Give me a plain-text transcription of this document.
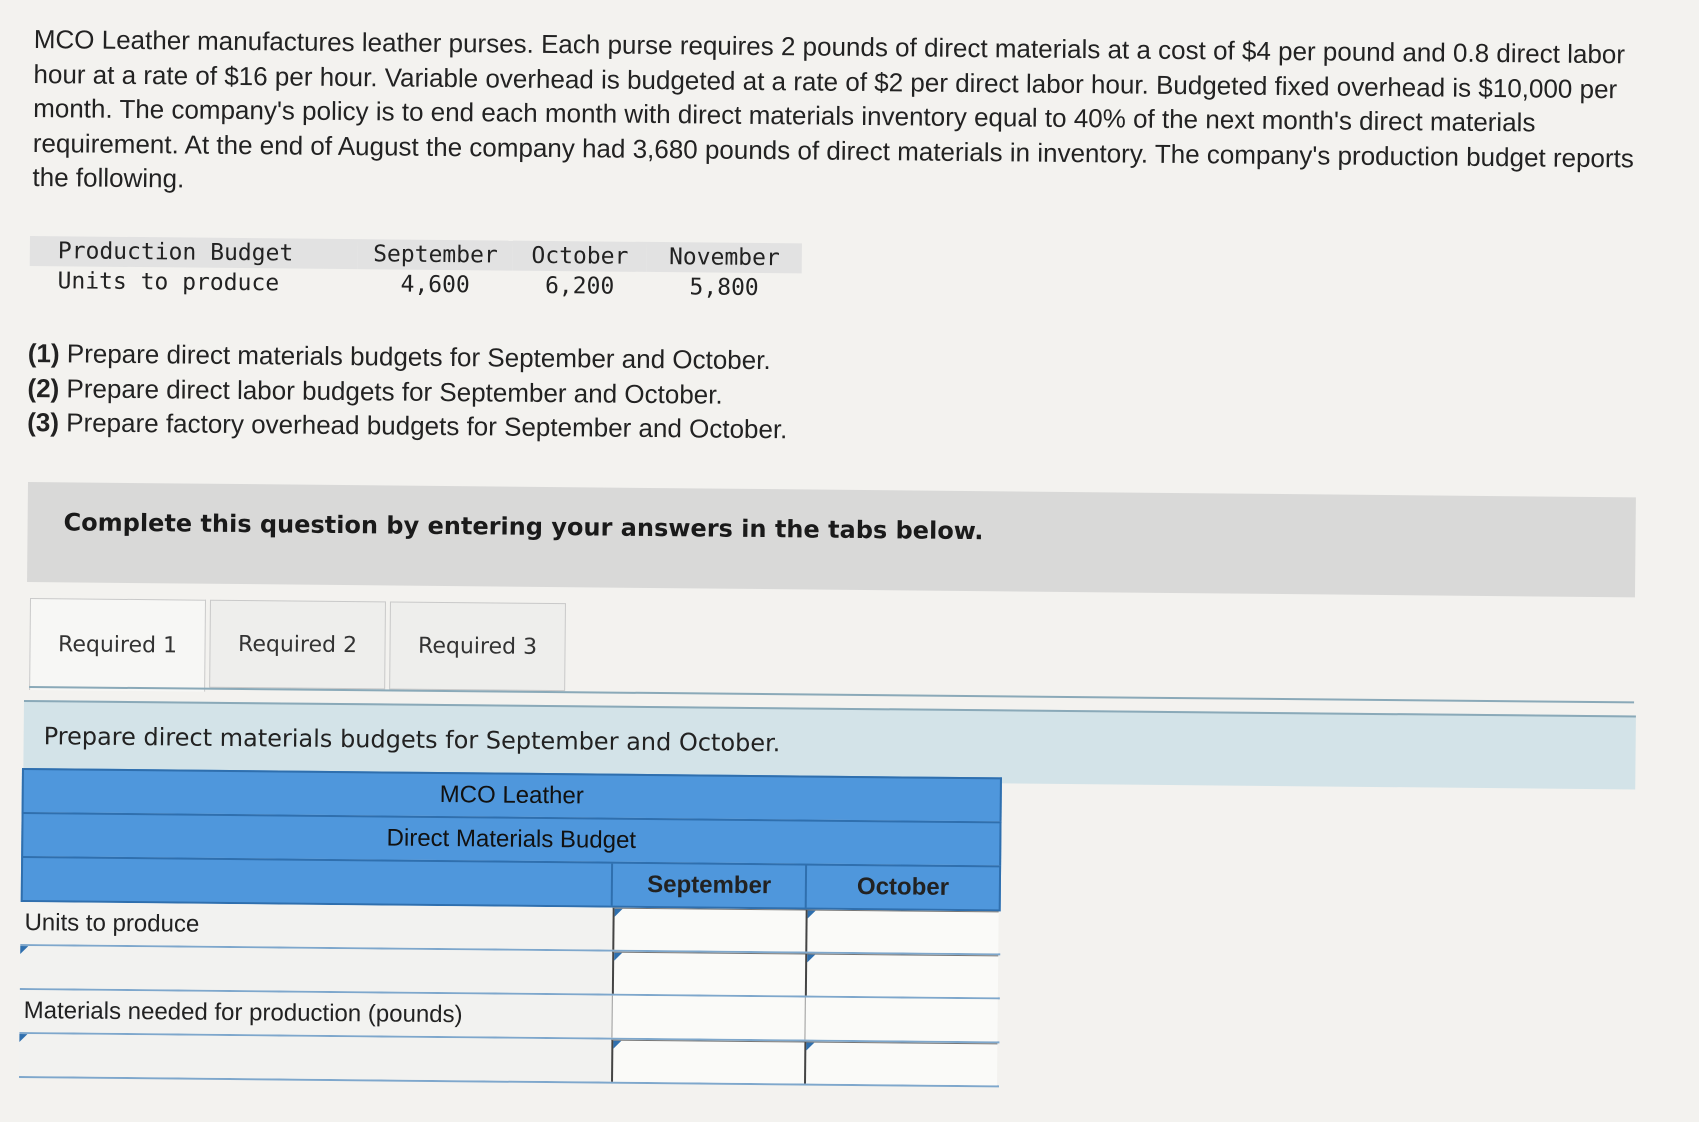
MCO Leather manufactures leather purses. Each purse requires 2 pounds of direct materials at a cost of $4 per pound and 0.8 direct labor hour at a rate of $16 per hour. Variable overhead is budgeted at a rate of $2 per direct labor hour. Budgeted fixed overhead is $10,000 per month. The company's policy is to end each month with direct materials inventory equal to 40% of the next month's direct materials requirement. At the end of August the company had 3,680 pounds of direct materials in inventory. The company's production budget reports the following.
Production Budget	September	October	November
Units to produce	4,600	6,200	5,800
(1) Prepare direct materials budgets for September and October.
(2) Prepare direct labor budgets for September and October.
(3) Prepare factory overhead budgets for September and October.
Complete this question by entering your answers in the tabs below.
Required 1	Required 2	Required 3
Prepare direct materials budgets for September and October.
MCO Leather
Direct Materials Budget
September	October
Units to produce
Materials needed for production (pounds)
